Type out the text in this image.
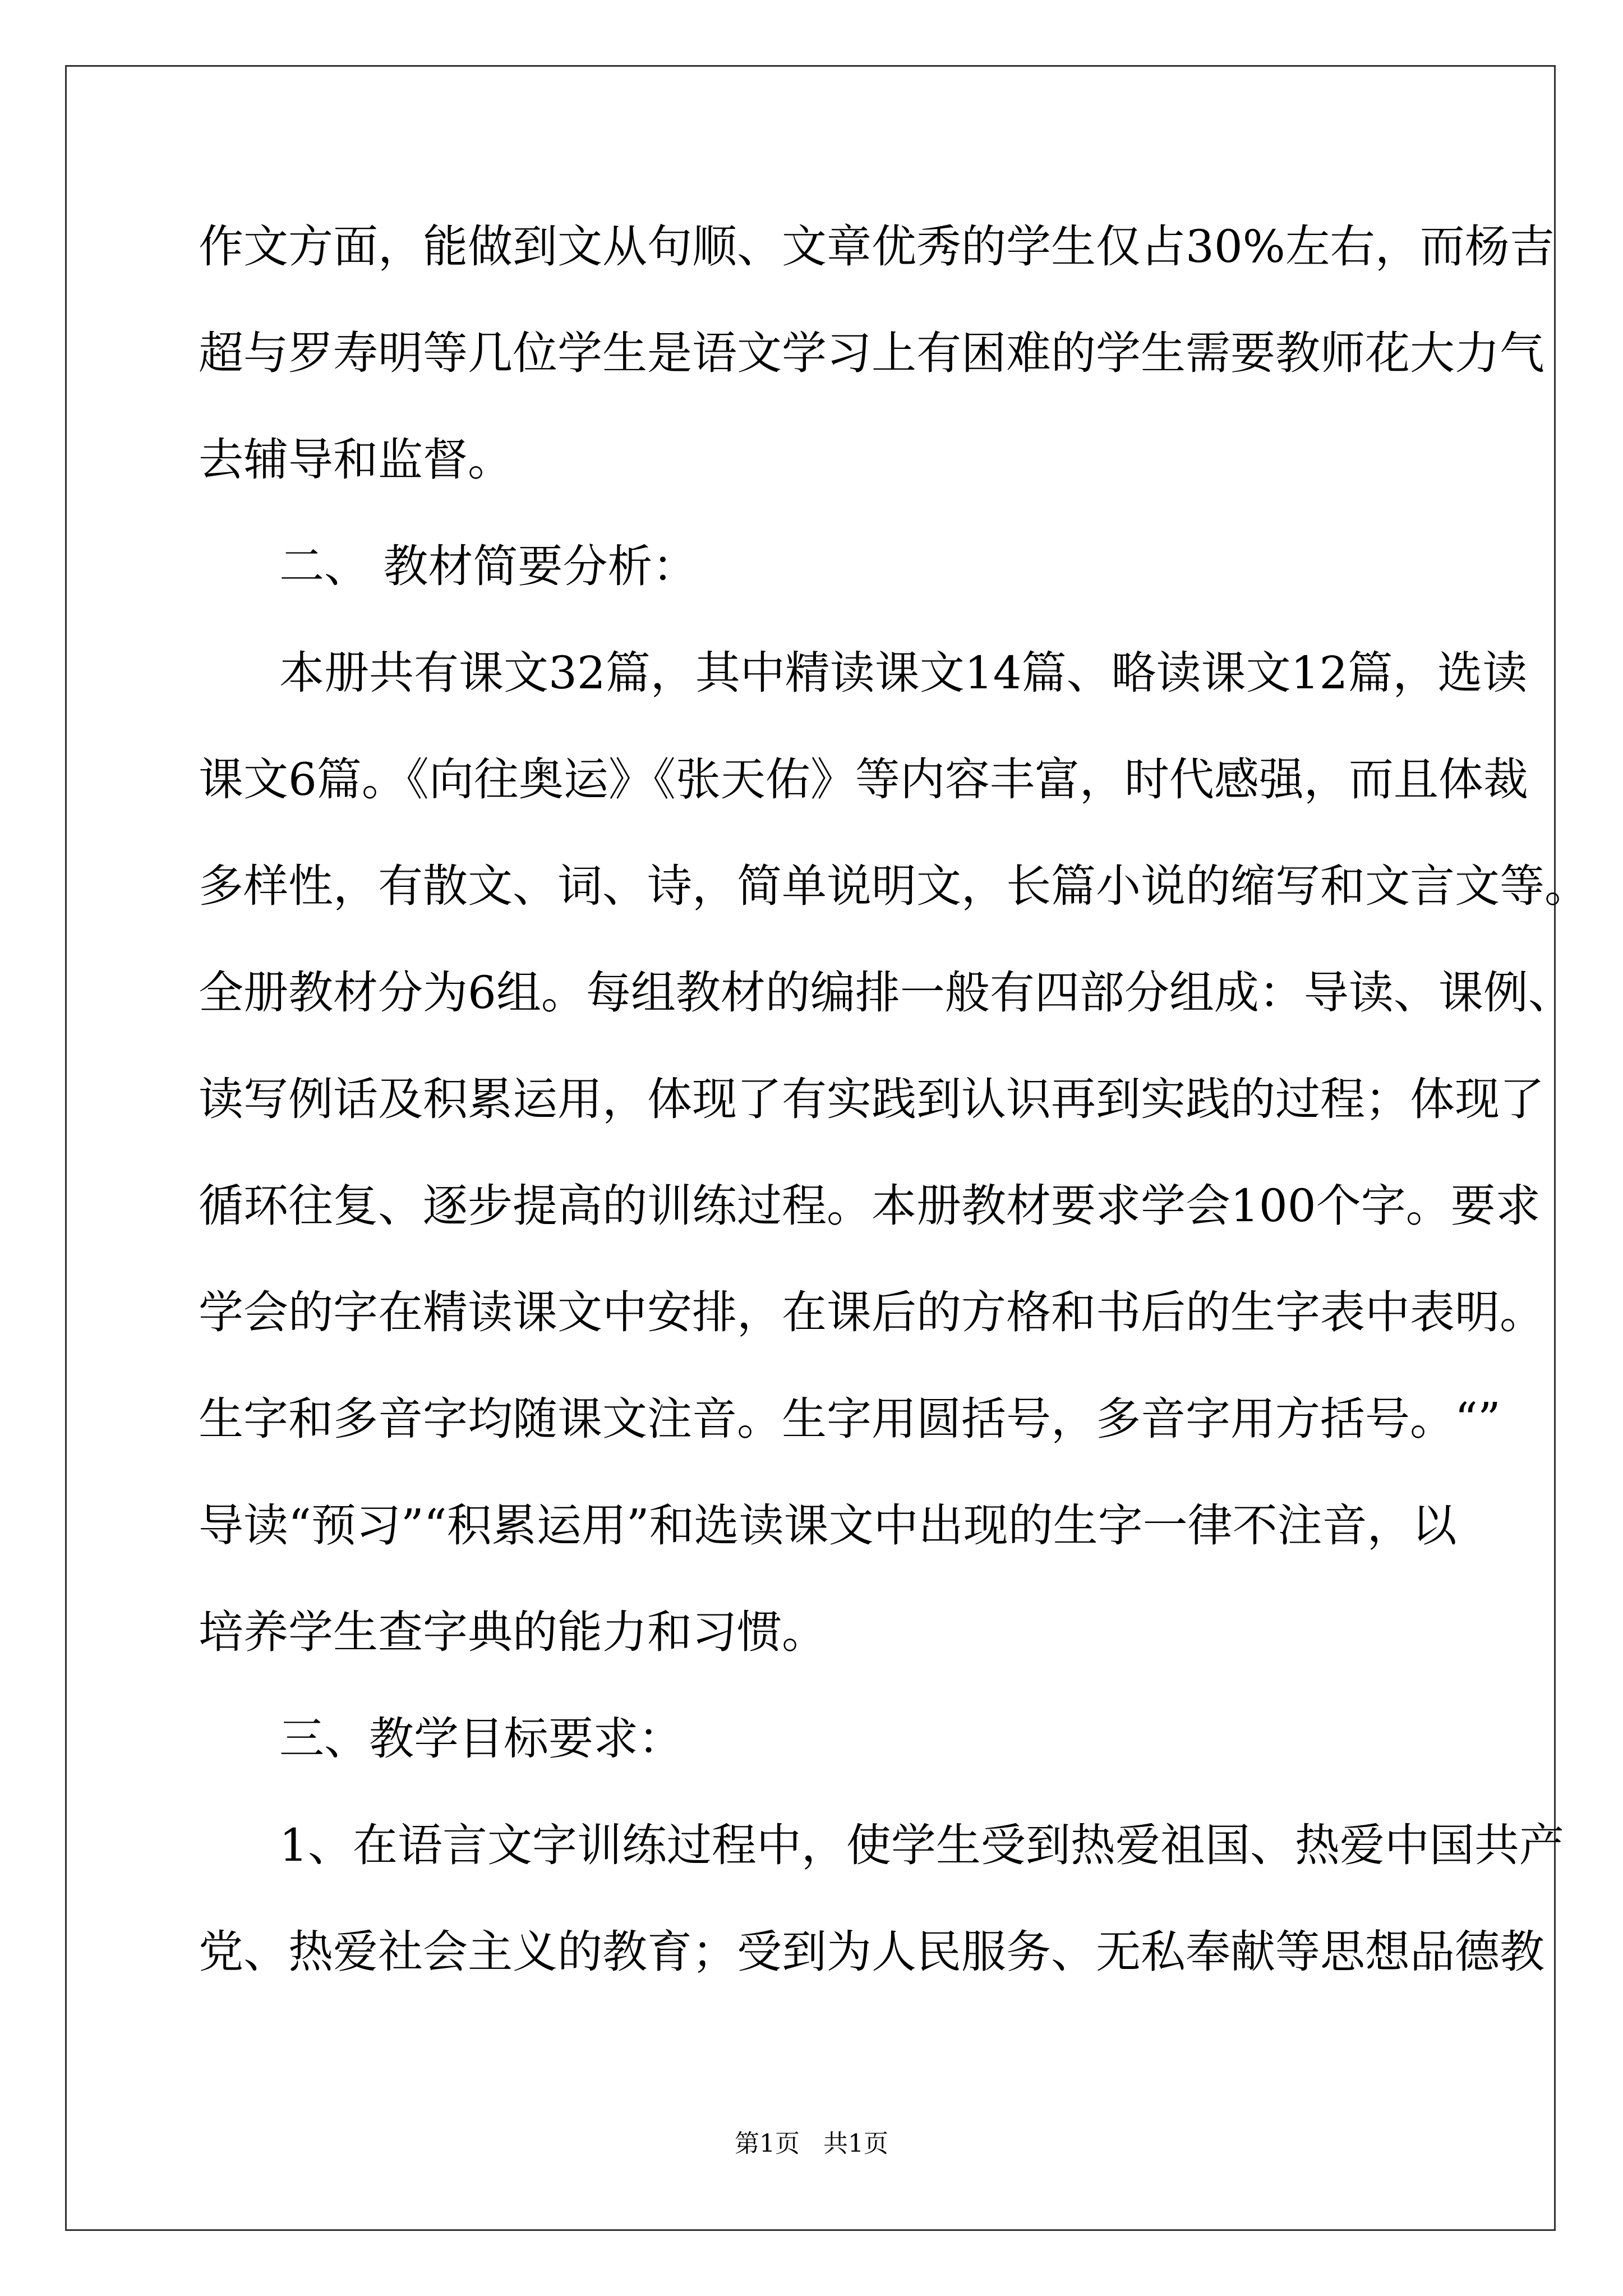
作文方面，能做到文从句顺、文章优秀的学生仅占30%左右，而杨吉
超与罗寿明等几位学生是语文学习上有困难的学生需要教师花大力气
去辅导和监督。
二、 教材简要分析：
本册共有课文32篇，其中精读课文14篇、略读课文12篇，选读
课文6篇。《向往奥运》《张天佑》等内容丰富，时代感强，而且体裁
多样性，有散文、词、诗，简单说明文，长篇小说的缩写和文言文等。
全册教材分为6组。每组教材的编排一般有四部分组成：导读、课例、
读写例话及积累运用，体现了有实践到认识再到实践的过程；体现了
循环往复、逐步提高的训练过程。本册教材要求学会100个字。要求
学会的字在精读课文中安排，在课后的方格和书后的生字表中表明。
生字和多音字均随课文注音。生字用圆括号，多音字用方括号。“”
导读“预习”“积累运用”和选读课文中出现的生字一律不注音，以
培养学生查字典的能力和习惯。
三、教学目标要求：
1、在语言文字训练过程中，使学生受到热爱祖国、热爱中国共产
党、热爱社会主义的教育；受到为人民服务、无私奉献等思想品德教
第1页   共1页
